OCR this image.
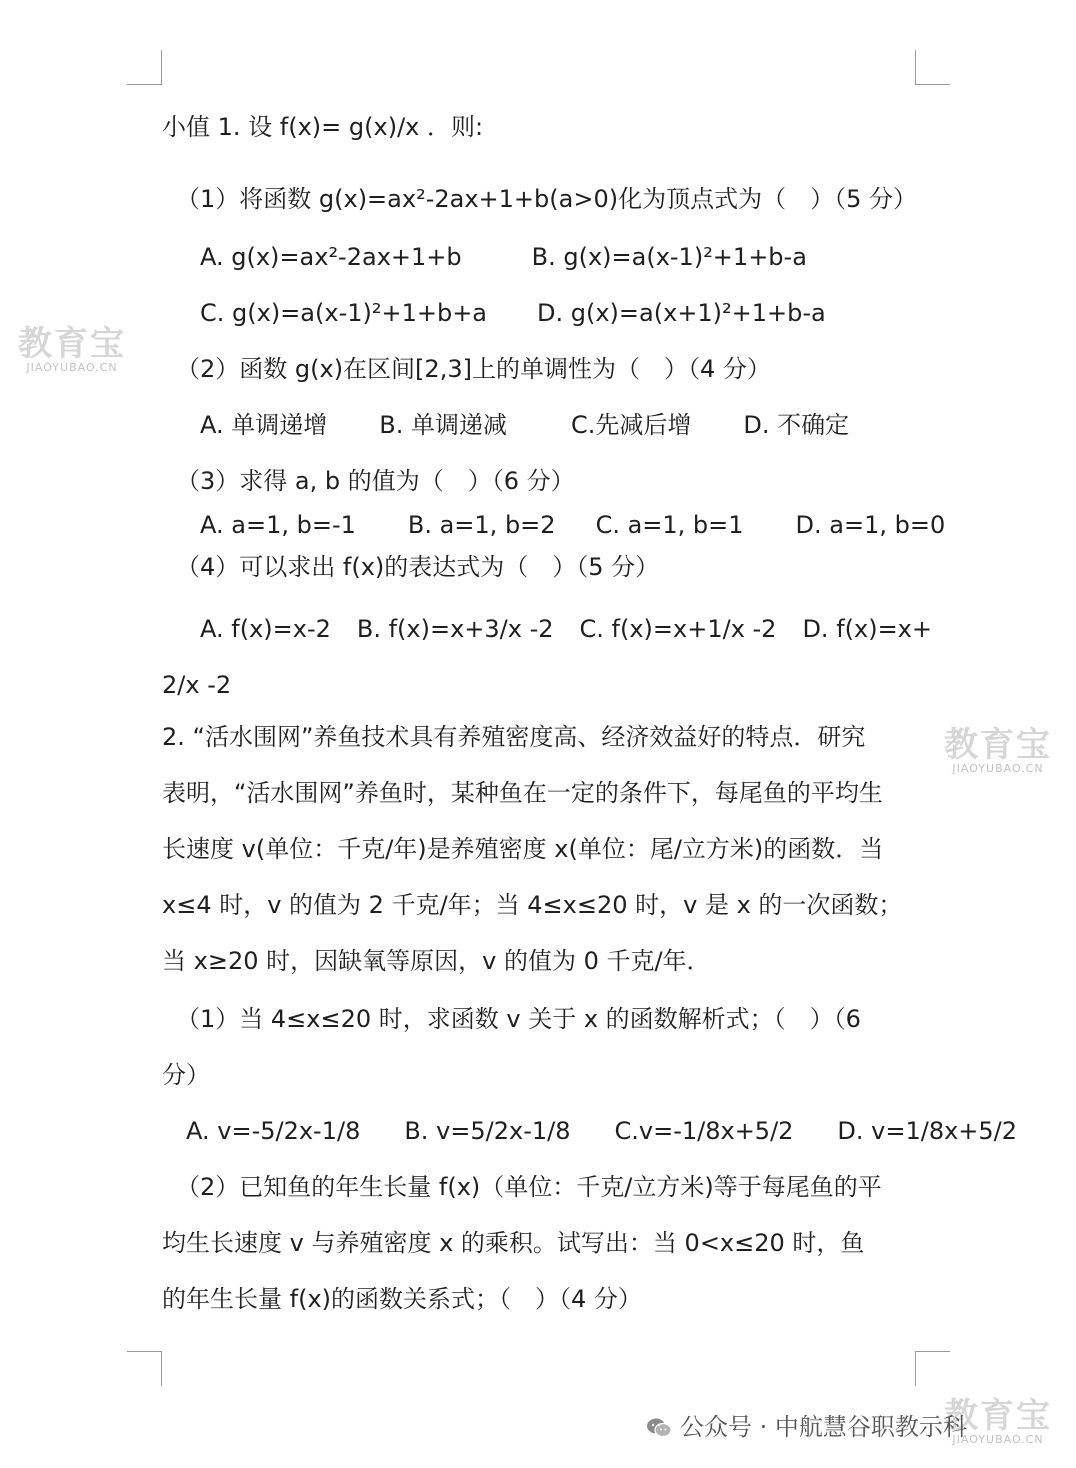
教育宝
JIAOYUBAO.CN
教育宝
JIAOYUBAO.CN
教育宝
JIAOYUBAO.CN
小值 1. 设 f(x)= g(x)/x ．则:
（1）将函数 g(x)=ax²-2ax+1+b(a>0)化为顶点式为（　）（5 分）
A. g(x)=ax²-2ax+1+b	B. g(x)=a(x-1)²+1+b-a
C. g(x)=a(x-1)²+1+b+a D. g(x)=a(x+1)²+1+b-a
（2）函数 g(x)在区间[2,3]上的单调性为（　）（4 分）
A. 单调递增 B. 单调递减	C.先减后增 D. 不确定
（3）求得 a, b 的值为（　）（6 分）
A. a=1, b=-1 B. a=1, b=2 C. a=1, b=1 D. a=1, b=0
（4）可以求出 f(x)的表达式为（　）（5 分）
A. f(x)=x-2 B. f(x)=x+3/x -2 C. f(x)=x+1/x -2 D. f(x)=x+
2/x -2
2. “活水围网”养鱼技术具有养殖密度高、经济效益好的特点．研究
表明，“活水围网”养鱼时，某种鱼在一定的条件下，每尾鱼的平均生
长速度 v(单位：千克/年)是养殖密度 x(单位：尾/立方米)的函数．当
x≤4 时，v 的值为 2 千克/年；当 4≤x≤20 时，v 是 x 的一次函数；
当 x≥20 时，因缺氧等原因，v 的值为 0 千克/年．
（1）当 4≤x≤20 时，求函数 v 关于 x 的函数解析式；（　）（6
分）
A. v=-5/2x-1/8 B. v=5/2x-1/8 C.v=-1/8x+5/2 D. v=1/8x+5/2
（2）已知鱼的年生长量 f(x)（单位：千克/立方米)等于每尾鱼的平
均生长速度 v 与养殖密度 x 的乘积。试写出：当 0<x≤20 时，鱼
的年生长量 f(x)的函数关系式；（　）（4 分）
公众号 · 中航慧谷职教示科
